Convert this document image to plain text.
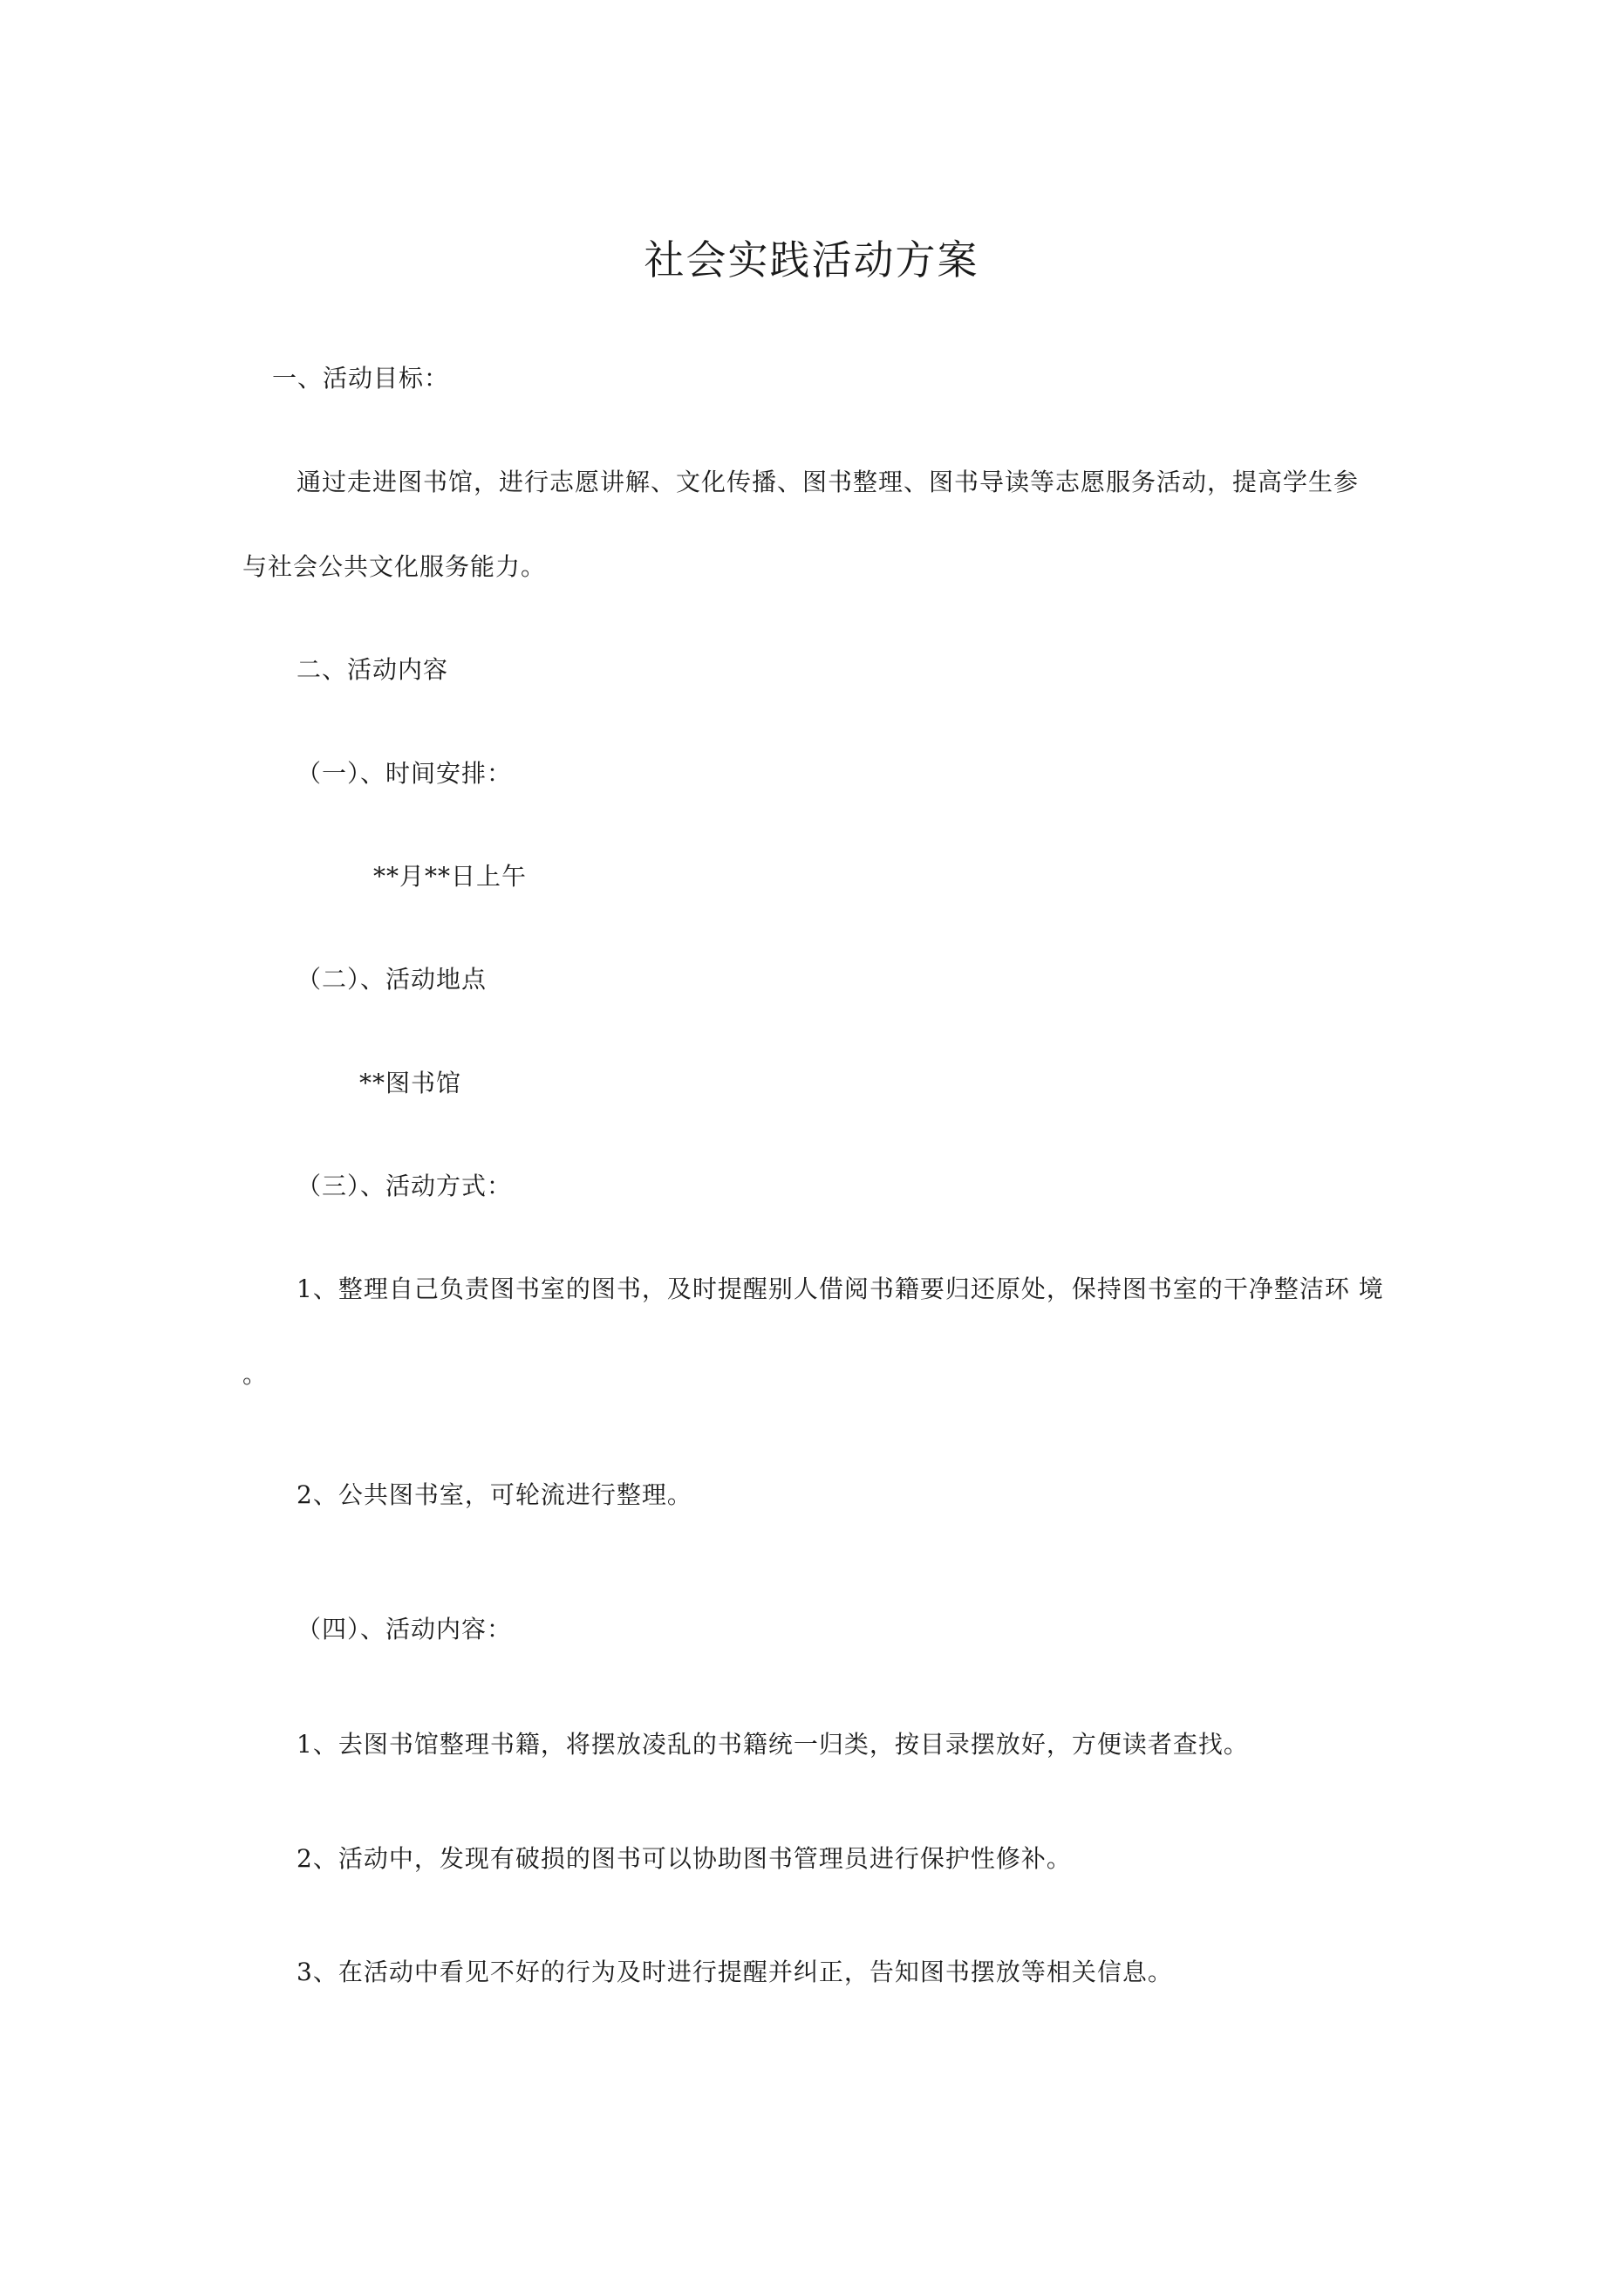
社会实践活动方案
一、活动目标：
通过走进图书馆，进行志愿讲解、文化传播、图书整理、图书导读等志愿服务活动，提高学生参
与社会公共文化服务能力。
二、活动内容
（一）、时间安排：
**月**日上午
（二）、活动地点
**图书馆
（三）、活动方式：
1、整理自己负责图书室的图书，及时提醒别人借阅书籍要归还原处，保持图书室的干净整洁环 境
。
2、公共图书室，可轮流进行整理。
（四）、活动内容：
1、去图书馆整理书籍，将摆放凌乱的书籍统一归类，按目录摆放好，方便读者查找。
2、活动中，发现有破损的图书可以协助图书管理员进行保护性修补。
3、在活动中看见不好的行为及时进行提醒并纠正，告知图书摆放等相关信息。
